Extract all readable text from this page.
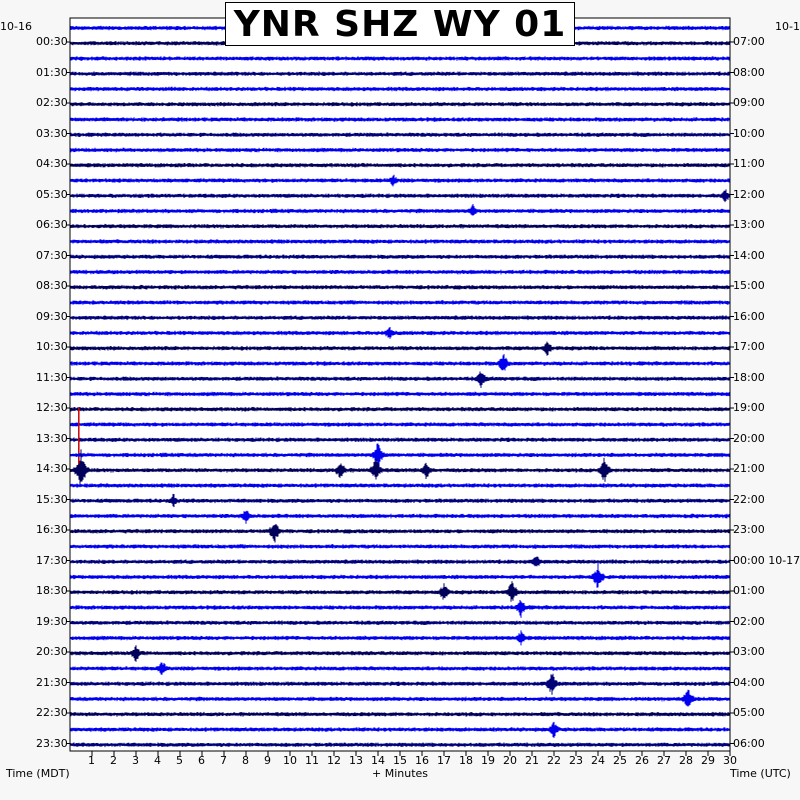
YNR SHZ WY 01
10-16	10-1
Time (MDT)	+ Minutes	Time (UTC)
1 2 3 4 5 6 7 8 9 10 11 12 13 14 15 16 17 18 19 20 21 22 23 24 25 26 27 28 29 30
00:30
01:30
02:30
03:30
04:30
05:30
06:30
07:30
08:30
09:30
10:30
11:30
12:30
13:30
14:30
15:30
16:30
17:30
18:30
19:30
20:30
21:30
22:30
23:30
07:00
08:00
09:00
10:00
11:00
12:00
13:00
14:00
15:00
16:00
17:00
18:00
19:00
20:00
21:00
22:00
23:00
00:00 10-17
01:00
02:00
03:00
04:00
05:00
06:00
